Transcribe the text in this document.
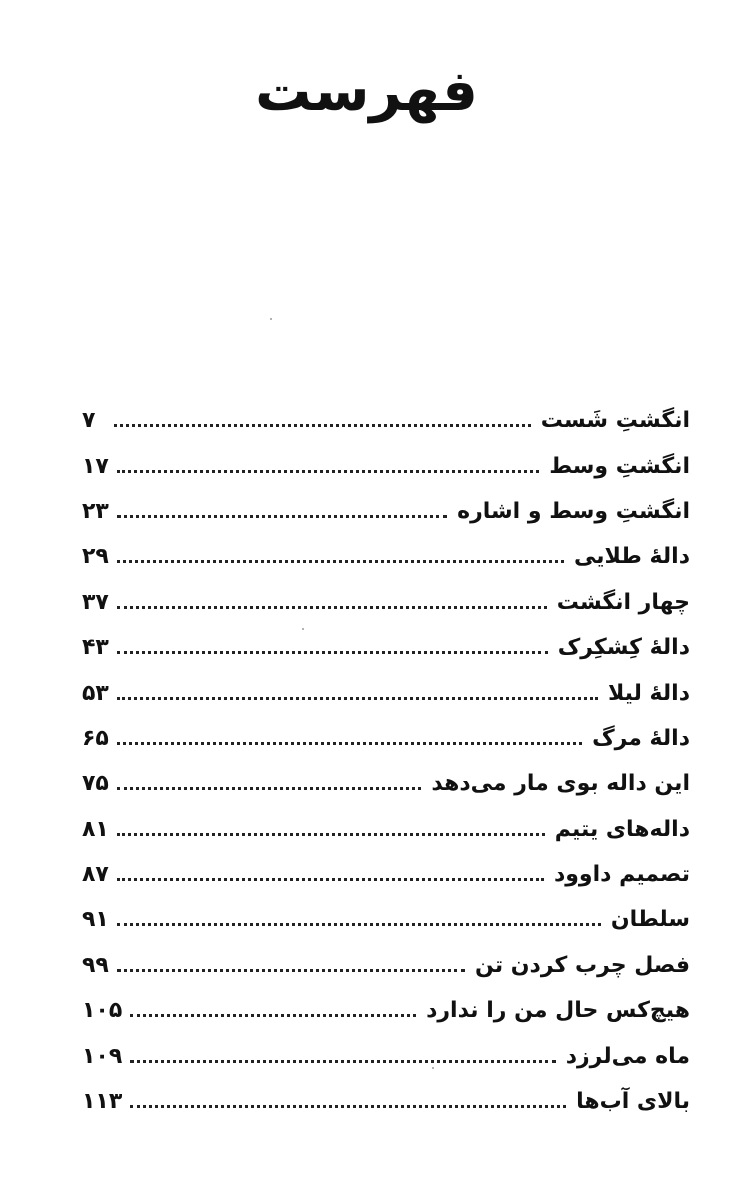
فهرست
انگشتِ شَست
۷
انگشتِ وسط
۱۷
انگشتِ وسط و اشاره
۲۳
دالهٔ طلایی
۲۹
چهار انگشت
۳۷
دالهٔ کِشکِرک
۴۳
دالهٔ لیلا
۵۳
دالهٔ مرگ
۶۵
این داله بوی مار می‌دهد
۷۵
داله‌های یتیم
۸۱
تصمیم داوود
۸۷
سلطان
۹۱
فصل چرب کردن تن
۹۹
هیچ‌کس حال من را ندارد
۱۰۵
ماه می‌لرزد
۱۰۹
بالای آب‌ها
۱۱۳
